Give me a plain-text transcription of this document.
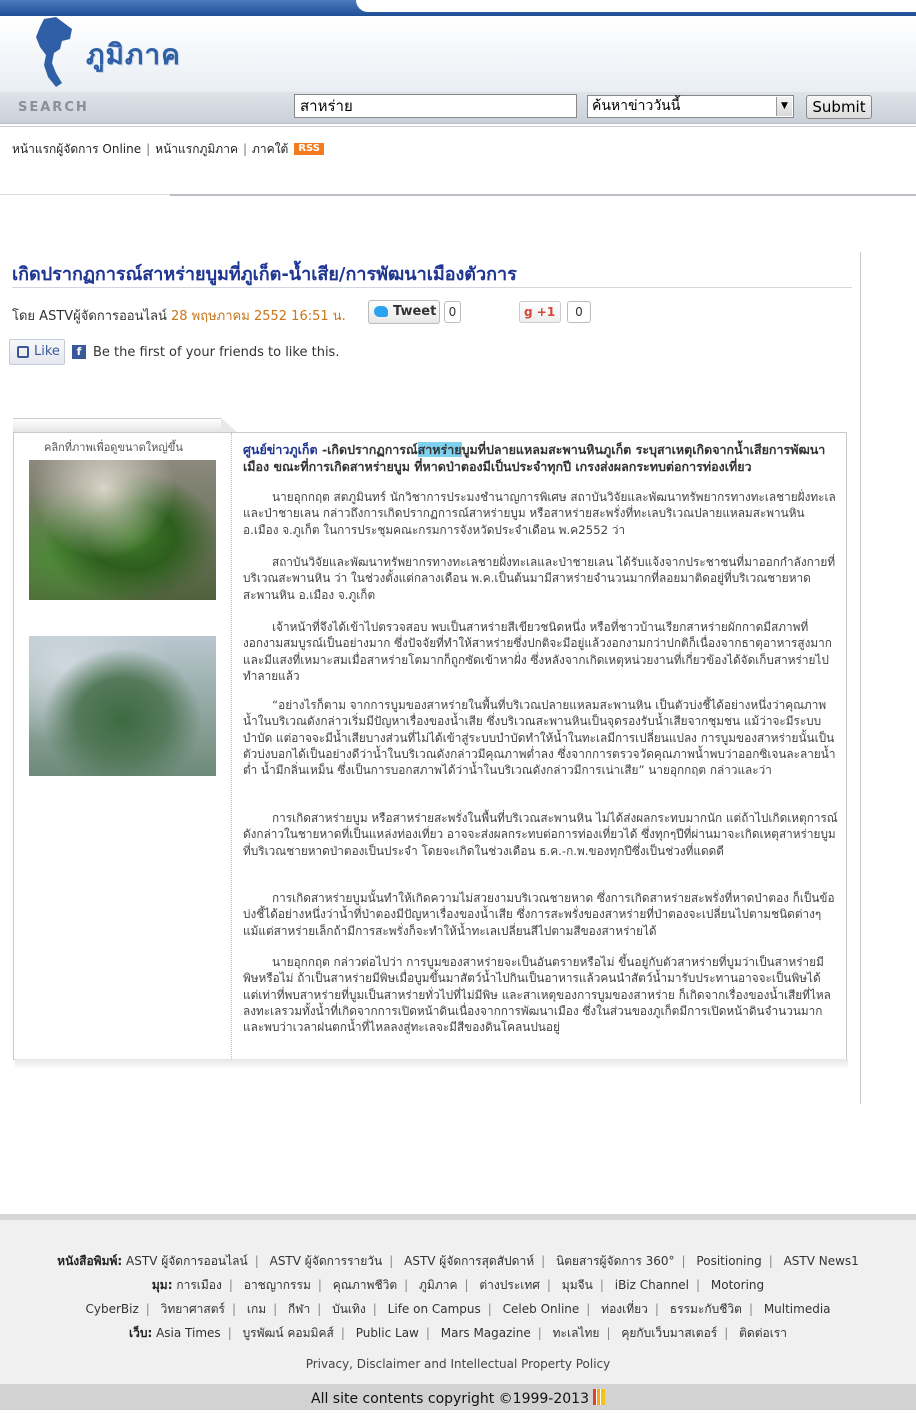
ภูมิภาค
SEARCH	สาหร่าย	ค้นหาข่าววันนี้	▼	Submit
หน้าแรกผู้จัดการ Online | หน้าแรกภูมิภาค | ภาคใต้ RSS
เกิดปรากฏการณ์สาหร่ายบูมที่ภูเก็ต-น้ำเสีย/การพัฒนาเมืองตัวการ
โดย ASTVผู้จัดการออนไลน์ 28 พฤษภาคม 2552 16:51 น.	Tweet	0	g +1	0
Like	f Be the first of your friends to like this.
คลิกที่ภาพเพื่อดูขนาดใหญ่ขึ้น	ศูนย์ข่าวภูเก็ต -เกิดปรากฏการณ์สาหร่ายบูมที่ปลายแหลมสะพานหินภูเก็ต ระบุสาเหตุเกิดจากน้ำเสียการพัฒนาเมือง ขณะที่การเกิดสาหร่ายบูม ที่หาดป่าตองมีเป็นประจำทุกปี เกรงส่งผลกระทบต่อการท่องเที่ยว
นายอุกกฤต สตภูมินทร์ นักวิชาการประมงชำนาญการพิเศษ สถาบันวิจัยและพัฒนาทรัพยากรทางทะเลชายฝั่งทะเลและป่าชายเลน กล่าวถึงการเกิดปรากฏการณ์สาหร่ายบูม หรือสาหร่ายสะพรั่งที่ทะเลบริเวณปลายแหลมสะพานหิน อ.เมือง จ.ภูเก็ต ในการประชุมคณะกรมการจังหวัดประจำเดือน พ.ค2552 ว่า
สถาบันวิจัยและพัฒนาทรัพยากรทางทะเลชายฝั่งทะเลและป่าชายเลน ได้รับแจ้งจากประชาชนที่มาออกกำลังกายที่บริเวณสะพานหิน ว่า ในช่วงตั้งแต่กลางเดือน พ.ค.เป็นต้นมามีสาหร่ายจำนวนมากที่ลอยมาติดอยู่ที่บริเวณชายหาดสะพานหิน อ.เมือง จ.ภูเก็ต
เจ้าหน้าที่จึงได้เข้าไปตรวจสอบ พบเป็นสาหร่ายสีเขียวชนิดหนึ่ง หรือที่ชาวบ้านเรียกสาหร่ายผักกาดมีสภาพที่งอกงามสมบูรณ์เป็นอย่างมาก ซึ่งปัจจัยที่ทำให้สาหร่ายซึ่งปกติจะมีอยู่แล้วงอกงามกว่าปกติก็เนื่องจากธาตุอาหารสูงมาก และมีแสงที่เหมาะสมเมื่อสาหร่ายโตมากก็ถูกซัดเข้าหาฝั่ง ซึ่งหลังจากเกิดเหตุหน่วยงานที่เกี่ยวข้องได้จัดเก็บสาหร่ายไปทำลายแล้ว
“อย่างไรก็ตาม จากการบูมของสาหร่ายในพื้นที่บริเวณปลายแหลมสะพานหิน เป็นตัวบ่งชี้ได้อย่างหนึ่งว่าคุณภาพน้ำในบริเวณดังกล่าวเริ่มมีปัญหาเรื่องของน้ำเสีย ซึ่งบริเวณสะพานหินเป็นจุดรองรับน้ำเสียจากชุมชน แม้ว่าจะมีระบบบำบัด แต่อาจจะมีน้ำเสียบางส่วนที่ไม่ได้เข้าสู่ระบบบำบัดทำให้น้ำในทะเลมีการเปลี่ยนแปลง การบูมของสาหร่ายนั้นเป็นตัวบ่งบอกได้เป็นอย่างดีว่าน้ำในบริเวณดังกล่าวมีคุณภาพต่ำลง ซึ่งจากการตรวจวัดคุณภาพน้ำพบว่าออกซิเจนละลายน้ำต่ำ น้ำมีกลิ่นเหม็น ซึ่งเป็นการบอกสภาพได้ว่าน้ำในบริเวณดังกล่าวมีการเน่าเสีย” นายอุกกฤต กล่าวและว่า
การเกิดสาหร่ายบูม หรือสาหร่ายสะพรั่งในพื้นที่บริเวณสะพานหิน ไม่ได้ส่งผลกระทบมากนัก แต่ถ้าไปเกิดเหตุการณ์ดังกล่าวในชายหาดที่เป็นแหล่งท่องเที่ยว อาจจะส่งผลกระทบต่อการท่องเที่ยวได้ ซึ่งทุกๆปีที่ผ่านมาจะเกิดเหตุสาหร่ายบูม ที่บริเวณชายหาดป่าตองเป็นประจำ โดยจะเกิดในช่วงเดือน ธ.ค.-ก.พ.ของทุกปีซึ่งเป็นช่วงที่แดดดี
การเกิดสาหร่ายบูมนั้นทำให้เกิดความไม่สวยงามบริเวณชายหาด ซึ่งการเกิดสาหร่ายสะพรั่งที่หาดป่าตอง ก็เป็นข้อบ่งชี้ได้อย่างหนึ่งว่าน้ำที่ป่าตองมีปัญหาเรื่องของน้ำเสีย ซึ่งการสะพรั่งของสาหร่ายที่ป่าตองจะเปลี่ยนไปตามชนิดต่างๆ แม้แต่สาหร่ายเล็กถ้ามีการสะพรั่งก็จะทำให้น้ำทะเลเปลี่ยนสีไปตามสีของสาหร่ายได้
นายอุกกฤต กล่าวต่อไปว่า การบูมของสาหร่ายจะเป็นอันตรายหรือไม่ ขึ้นอยู่กับตัวสาหร่ายที่บูมว่าเป็นสาหร่ายมีพิษหรือไม่ ถ้าเป็นสาหร่ายมีพิษเมื่อบูมขึ้นมาสัตว์น้ำไปกินเป็นอาหารแล้วคนนำสัตว์น้ำมารับประทานอาจจะเป็นพิษได้ แต่เท่าที่พบสาหร่ายที่บูมเป็นสาหร่ายทั่วไปที่ไม่มีพิษ และสาเหตุของการบูมของสาหร่าย ก็เกิดจากเรื่องของน้ำเสียที่ไหลลงทะเลรวมทั้งน้ำที่เกิดจากการเปิดหน้าดินเนื่องจากการพัฒนาเมือง ซึ่งในส่วนของภูเก็ตมีการเปิดหน้าดินจำนวนมาก และพบว่าเวลาฝนตกน้ำที่ไหลลงสู่ทะเลจะมีสีของดินโคลนปนอยู่
หนังสือพิมพ์: ASTV ผู้จัดการออนไลน์ | ASTV ผู้จัดการรายวัน | ASTV ผู้จัดการสุดสัปดาห์ | นิตยสารผู้จัดการ 360° | Positioning | ASTV News1
มุม: การเมือง | อาชญากรรม | คุณภาพชีวิต | ภูมิภาค | ต่างประเทศ | มุมจีน | iBiz Channel | Motoring
CyberBiz | วิทยาศาสตร์ | เกม | กีฬา | บันเทิง | Life on Campus | Celeb Online | ท่องเที่ยว | ธรรมะกับชีวิต | Multimedia
เว็บ: Asia Times | บูรพัฒน์ คอมมิคส์ | Public Law | Mars Magazine | ทะเลไทย | คุยกับเว็บมาสเตอร์ | ติดต่อเรา
Privacy, Disclaimer and Intellectual Property Policy
All site contents copyright ©1999-2013
